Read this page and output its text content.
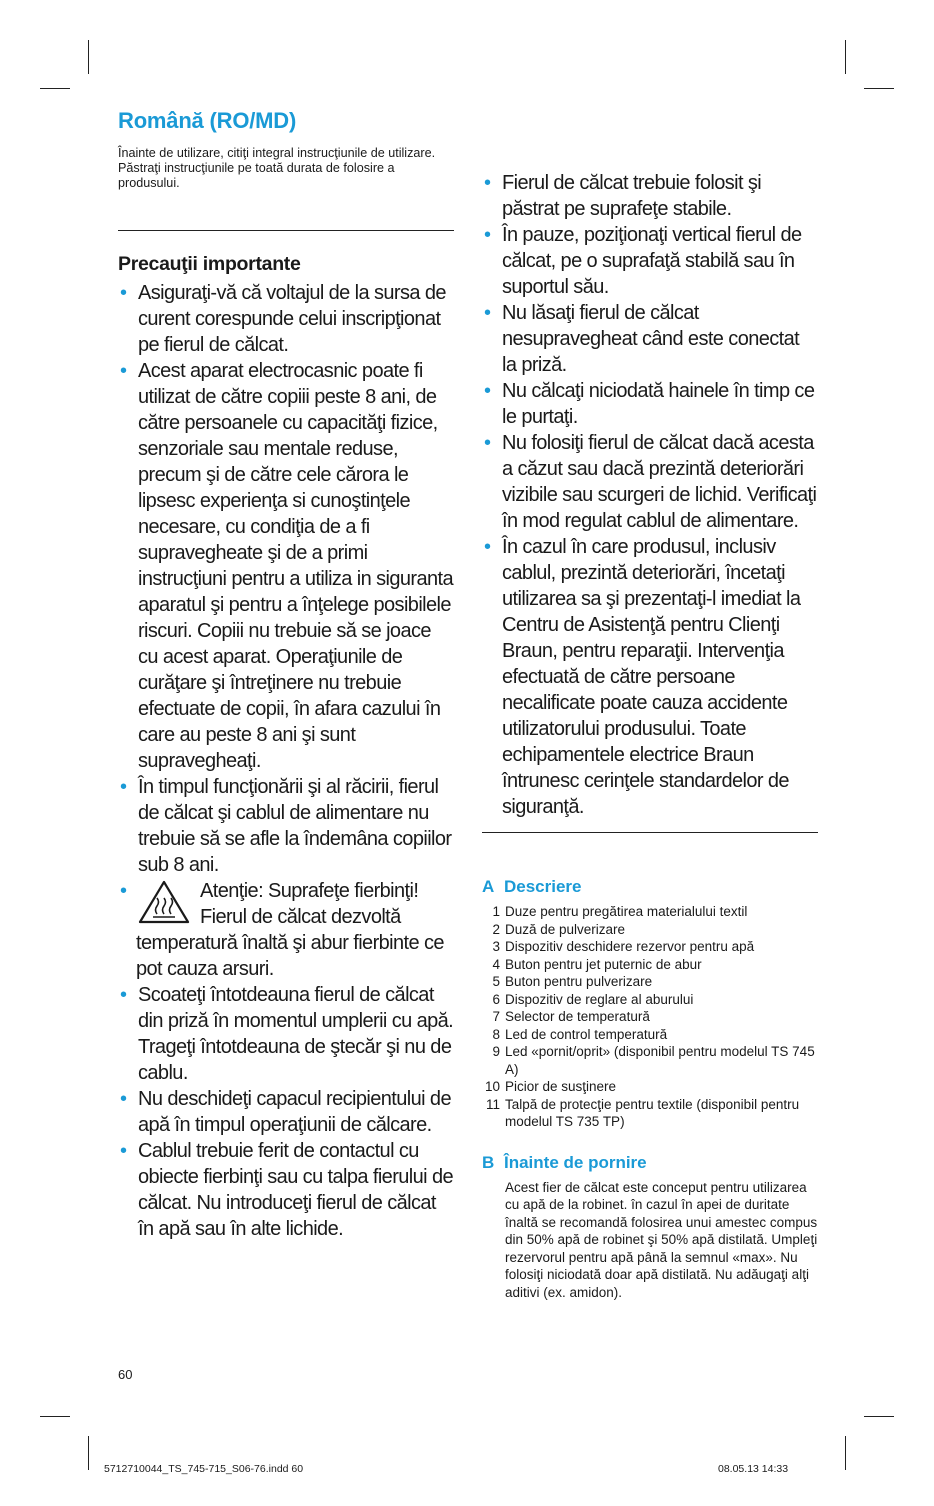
Română (RO/MD)

Înainte de utilizare, citiţi integral instrucţiunile de utilizare. Păstraţi instrucţiunile pe toată durata de folosire a produsului.

Precauţii importante
• Asiguraţi-vă că voltajul de la sursa de curent corespunde celui inscripţionat pe fierul de călcat.
• Acest aparat electrocasnic poate fi utilizat de către copiii peste 8 ani, de către persoanele cu capacităţi fizice, senzoriale sau mentale reduse, precum şi de către cele cărora le lipsesc experienţa si cunoştinţele necesare, cu condiţia de a fi supravegheate şi de a primi instrucţiuni pentru a utiliza in siguranta aparatul şi pentru a înţelege posibilele riscuri. Copiii nu trebuie să se joace cu acest aparat. Operaţiunile de curăţare şi întreţinere nu trebuie efectuate de copii, în afara cazului în care au peste 8 ani şi sunt supravegheaţi.
• În timpul funcţionării şi al răcirii, fierul de călcat şi cablul de alimentare nu trebuie să se afle la îndemâna copiilor sub 8 ani.
•	Atenţie: Suprafeţe fierbinţi! Fierul de călcat dezvoltă
temperatură înaltă şi abur fierbinte ce pot cauza arsuri.
• Scoateţi întotdeauna fierul de călcat din priză în momentul umplerii cu apă. Trageţi întotdeauna de ştecăr şi nu de cablu.
• Nu deschideţi capacul recipientului de apă în timpul operaţiunii de călcare.
• Cablul trebuie ferit de contactul cu obiecte fierbinţi sau cu talpa fierului de călcat. Nu introduceţi fierul de călcat în apă sau în alte lichide.
• Fierul de călcat trebuie folosit şi păstrat pe suprafeţe stabile.
• În pauze, poziţionaţi vertical fierul de călcat, pe o suprafaţă stabilă sau în suportul său.
• Nu lăsaţi fierul de călcat nesupravegheat când este conectat la priză.
• Nu călcaţi niciodată hainele în timp ce le purtaţi.
• Nu folosiţi fierul de călcat dacă acesta a căzut sau dacă prezintă deteriorări vizibile sau scurgeri de lichid. Verificaţi în mod regulat cablul de alimentare.
• În cazul în care produsul, inclusiv cablul, prezintă deteriorări, încetaţi utilizarea sa şi prezentaţi-l imediat la Centru de Asistenţă pentru Clienţi Braun, pentru reparaţii. Intervenţia efectuată de către persoane necalificate poate cauza accidente utilizatorului produsului. Toate echipamentele electrice Braun întrunesc cerinţele standardelor de siguranţă.
A Descriere
1 Duze pentru pregătirea materialului textil
2 Duză de pulverizare
3 Dispozitiv deschidere rezervor pentru apă
4 Buton pentru jet puternic de abur
5 Buton pentru pulverizare
6 Dispozitiv de reglare al aburului
7 Selector de temperatură
8 Led de control temperatură
9 Led «pornit/oprit» (disponibil pentru modelul TS 745 A)
10 Picior de susţinere
11 Talpă de protecţie pentru textile (disponibil pentru modelul TS 735 TP)
B Înainte de pornire

Acest fier de călcat este conceput pentru utilizarea cu apă de la robinet. în cazul în apei de duritate înaltă se recomandă folosirea unui amestec compus din 50% apă de robinet şi 50% apă distilată. Umpleţi rezervorul pentru apă până la semnul «max». Nu folosiţi niciodată doar apă distilată. Nu adăugaţi alţi aditivi (ex. amidon).

60
5712710044_TS_745-715_S06-76.indd 60	08.05.13 14:33
